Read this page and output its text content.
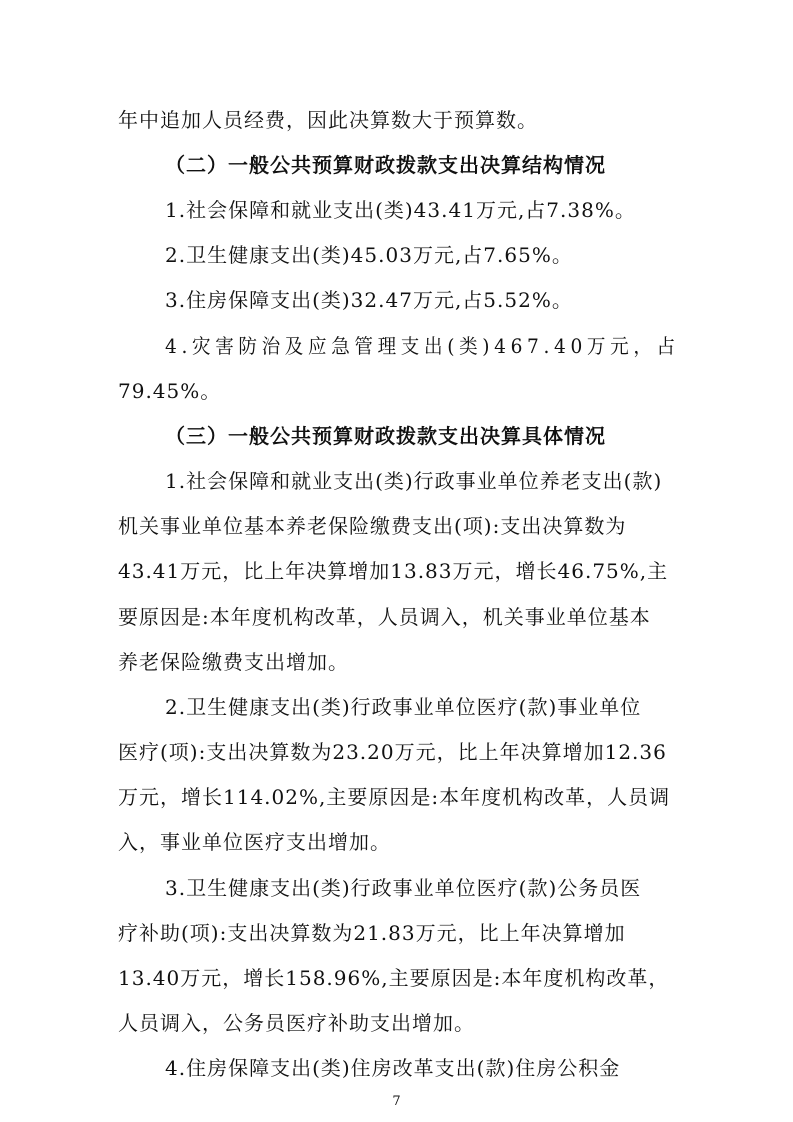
年中追加人员经费，因此决算数大于预算数。
（二）一般公共预算财政拨款支出决算结构情况
1.社会保障和就业支出(类)43.41万元,占7.38%。
2.卫生健康支出(类)45.03万元,占7.65%。
3.住房保障支出(类)32.47万元,占5.52%。
4.灾害防治及应急管理支出(类)467.40万元，占
79.45%。
（三）一般公共预算财政拨款支出决算具体情况
1.社会保障和就业支出(类)行政事业单位养老支出(款)
机关事业单位基本养老保险缴费支出(项):支出决算数为
43.41万元，比上年决算增加13.83万元，增长46.75%,主
要原因是:本年度机构改革，人员调入，机关事业单位基本
养老保险缴费支出增加。
2.卫生健康支出(类)行政事业单位医疗(款)事业单位
医疗(项):支出决算数为23.20万元，比上年决算增加12.36
万元，增长114.02%,主要原因是:本年度机构改革，人员调
入，事业单位医疗支出增加。
3.卫生健康支出(类)行政事业单位医疗(款)公务员医
疗补助(项):支出决算数为21.83万元，比上年决算增加
13.40万元，增长158.96%,主要原因是:本年度机构改革，
人员调入，公务员医疗补助支出增加。
4.住房保障支出(类)住房改革支出(款)住房公积金
7
